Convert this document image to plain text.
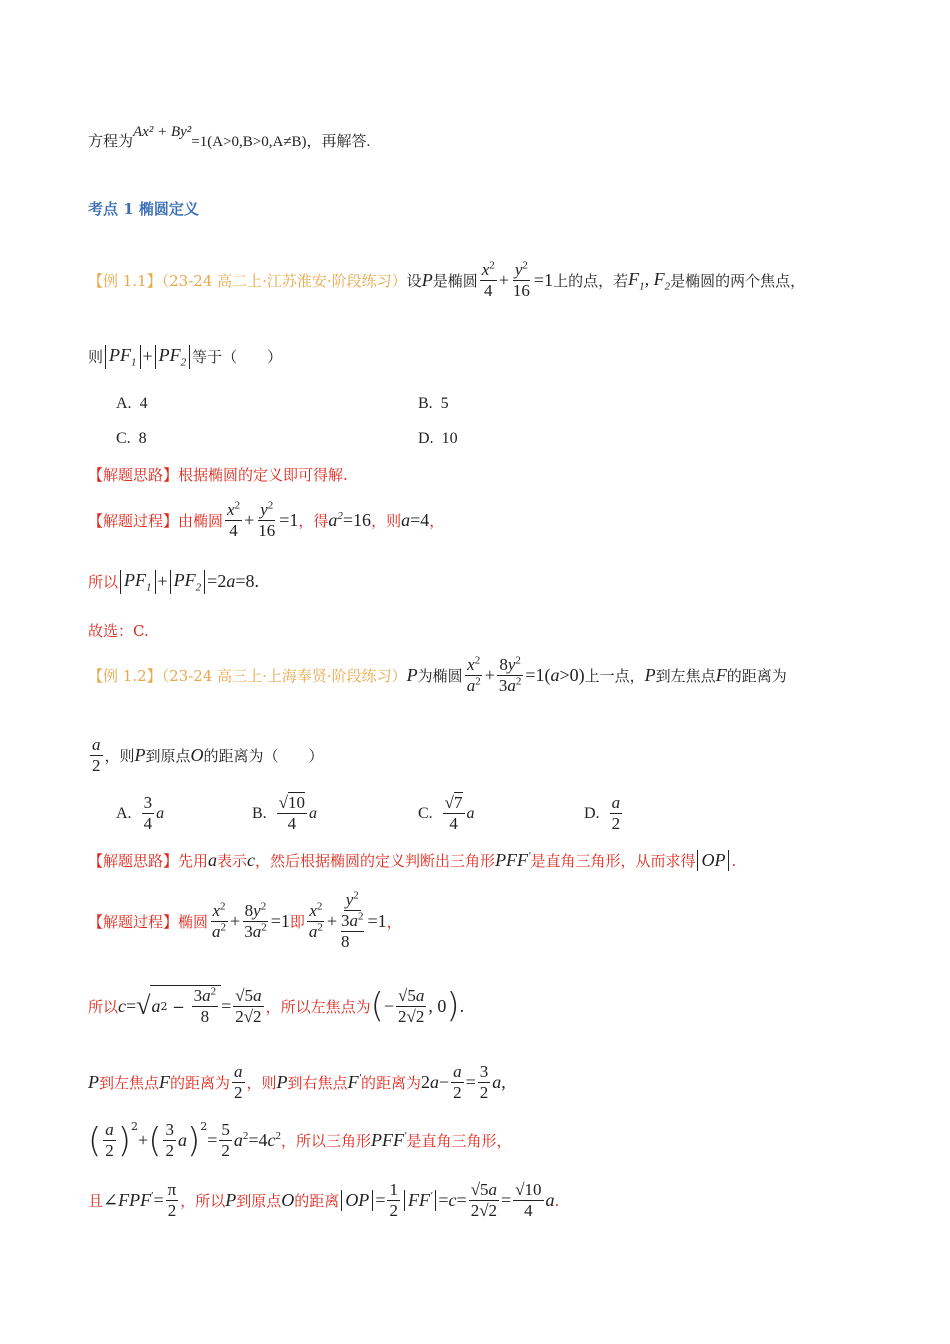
方程为 Ax² + By²
=1(A>0,B>0,A≠B)，再解答.
考点 1 椭圆定义
【例 1.1】（23-24 高二上·江苏淮安·阶段练习） 设 P 是椭圆 $\frac{x^2}{4} + \frac{y^2}{16} =1$ 上的点，若 $F_1$, $F_2$ 是椭圆的两个焦点，
则 $PF_1 + PF_2$ 等于（　　）
A. 4	B. 5
C. 8	D. 10
【解题思路】根据椭圆的定义即可得解.
【解题过程】 由椭圆 $\frac{x^2}{4} + \frac{y^2}{16} =1$ ，得 $a^2 =16$ ，则 a =4 ，
所以 $PF_1 + PF_2 =2a=8$.
故选：C.
【例 1.2】（23-24 高三上·上海奉贤·阶段练习） P 为椭圆 $\frac{x^2}{a^2} + \frac{8y^2}{3a^2} =1(a>0)$ 上一点， P 到左焦点 F 的距离为
$\frac{a}{2}$ ，则 P 到原点 O 的距离为（　　）
A. $\frac{3}{4}$ a	B. $\frac{√10}{4}$ a	C. $\frac{√7}{4}$ a	D. $\frac{a}{2}$
【解题思路】 先用 a 表示 c ，然后根据椭圆的定义判断出三角形 PFF′ 是直角三角形，从而求得 OP .
【解题过程】 椭圆 $\frac{x^2}{a^2} + \frac{8y^2}{3a^2} =1$ 即 $\frac{x^2}{a^2} + y^2$
$3a^2$
8 =1 ，
所以 c = √ a $2 - \frac{3a^2}{8} = \frac{√5a}{2√2}$ ，所以左焦点为 ( − $\frac{√5a}{2√2}$ , 0 ) .
P 到左焦点 F 的距离为 $\frac{a}{2}$ ，则 P 到右焦点 F′ 的距离为 $2a- \frac{a}{2} = \frac{3}{2} a$,
( $\frac{a}{2} )^2$
+ ( $\frac{3}{2}$ a )$^2$
= $\frac{5}{2} a^2=4c^2$ ，所以三角形 PFF′ 是直角三角形，
且 ∠FPF′= $\frac{\pi}{2}$ ，所以 P 到原点 O 的距离 OP = $\frac{1}{2} FF' =c= \frac{√5a}{2√2} = \frac{√10}{4}$ a .
